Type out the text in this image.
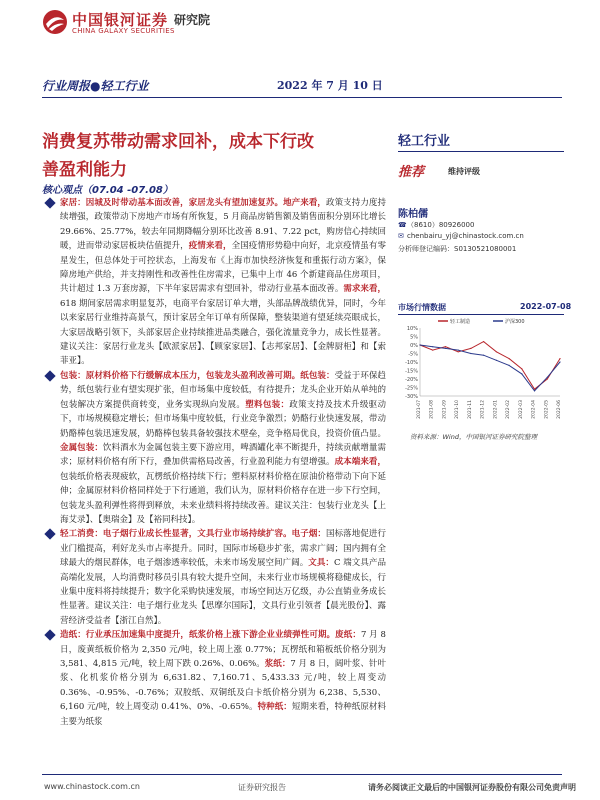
中国银河证券
CHINA GALAXY SECURITIES
研究院
行业周报●轻工行业	2022 年 7 月 10 日
消费复苏带动需求回补，成本下行改
善盈利能力
核心观点（07.04 -07.08）
家居：因城及时带动基本面改善，家居龙头有望加速复苏。地产来看，政策支持力度持续增强，政策带动下房地产市场有所恢复，5 月商品房销售额及销售面积分别环比增长 29.66%、25.77%，较去年同期降幅分别环比改善 8.91、7.22 pct，购房信心持续回暖，进而带动家居板块估值提升，疫情来看，全国疫情形势稳中向好，北京疫情虽有零星发生，但总体处于可控状态，上海发布《上海市加快经济恢复和重振行动方案》，保障房地产供给，并支持刚性和改善性住房需求，已集中上市 46 个新建商品住房项目，共计超过 1.3 万套房源，下半年家居需求有望回补，带动行业基本面改善。需求来看，618 期间家居需求明显复苏，电商平台家居订单大增，头部品牌战绩优异，同时，今年以来家居行业维持高景气，预计家居全年订单有所保障，整装渠道有望延续亮眼成长，大家居战略引领下，头部家居企业持续推进品类融合，强化流量竞争力，成长性显著。建议关注：家居行业龙头【欧派家居】、【顾家家居】、【志邦家居】、【金牌厨柜】和【索菲亚】。
包装：原材料价格下行缓解成本压力，包装龙头盈利改善可期。纸包装：受益于环保趋势，纸包装行业有望实现扩张，但市场集中度较低，有待提升；龙头企业开始从单纯的包装解决方案提供商转变，业务实现纵向发展。塑料包装：政策支持及技术升级驱动下，市场规模稳定增长；但市场集中度较低，行业竞争激烈；奶酪行业快速发展，带动奶酪棒包装迅速发展，奶酪棒包装具备较强技术壁垒，竞争格局优良，投资价值凸显。金属包装：饮料酒水为金属包装主要下游应用，啤酒罐化率不断提升，持续贡献增量需求；原材料价格有所下行，叠加供需格局改善，行业盈利能力有望增强。成本端来看，包装纸价格表现疲软，瓦楞纸价格持续下行；塑料原材料价格在原油价格带动下向下延伸；金属原材料价格同样处于下行通道，我们认为，原材料价格存在进一步下行空间，包装龙头盈利弹性将得到释放，未来业绩料将持续改善。建议关注：包装行业龙头【上海艾录】、【奥瑞金】及【裕同科技】。
轻工消费：电子烟行业成长性显著，文具行业市场持续扩容。电子烟：国标落地促进行业门槛提高，利好龙头市占率提升。同时，国际市场稳步扩张，需求广阔；国内拥有全球最大的烟民群体，电子烟渗透率较低，未来市场发展空间广阔。文具：C 端文具产品高端化发展，人均消费时移员引具有较大提升空间，未来行业市场规模将稳健成长，行业集中度料将持续提升；数字化采购快速发展，市场空间达万亿级，办公直销业务成长性显著。建议关注：电子烟行业龙头【思摩尔国际】，文具行业引领者【晨光股份】、露营经济受益者【浙江自然】。
造纸：行业承压加速集中度提升，纸浆价格上涨下游企业业绩弹性可期。废纸：7 月 8 日，废黄纸板价格为 2,350 元/吨，较上周上涨 0.77%；瓦楞纸和箱板纸价格分别为 3,581、4,815 元/吨，较上周下跌 0.26%、0.06%。浆纸：7 月 8 日，阔叶浆、针叶浆、化机浆价格分别为 6,631.82、7,160.71、5,433.33 元/吨，较上周变动 0.36%、-0.95%、-0.76%；双胶纸、双铜纸及白卡纸价格分别为 6,238、5,530、6,160 元/吨，较上周变动 0.41%、0%、-0.65%。特种纸：短期来看，特种纸原材料主要为纸浆
轻工行业
推荐	维持评级
陈柏儒
☎（8610）80926000
✉ chenbairu_yj@chinastock.com.cn
分析师登记编码：S0130521080001
市场行情数据	2022-07-08
10%
5%
0%
-5%
-10%
-15%
-20%
-25%
-30%
2021-07 2021-08 2021-09 2021-10 2021-11 2021-12 2022-01 2022-02 2022-03 2022-04 2022-05 2022-06
轻工制造	沪深300
资料来源：Wind，中国银河证券研究院整理
www.chinastock.com.cn	证券研究报告	请务必阅读正文最后的中国银河证券股份有限公司免责声明
